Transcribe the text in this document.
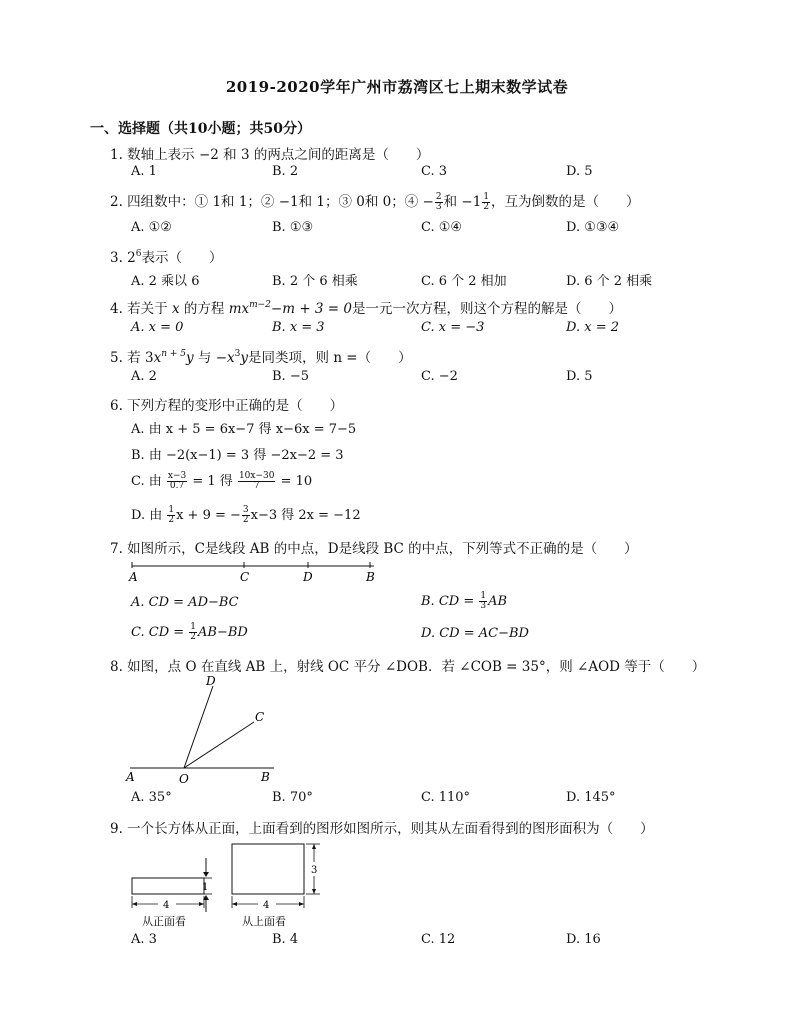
2019-2020学年广州市荔湾区七上期末数学试卷
一、选择题（共10小题；共50分）
1. 数轴上表示 −2 和 3 的两点之间的距离是（　　）
A. 1	B. 2	C. 3	D. 5
2. 四组数中：① 1和 1；② −1和 1；③ 0和 0；④ − $\frac{2}{3}$ 和 $-1 \frac{1}{2}$ ，互为倒数的是（　　）
A. ①②	B. ①③	C. ①④	D. ①③④
3. $2^6$表示（　　）
A. 2 乘以 6	B. 2 个 6 相乘	C. 6 个 2 相加	D. 6 个 2 相乘
4. 若关于 x 的方程 $mx^{m-2}-m + 3 = 0$是一元一次方程，则这个方程的解是（　　）
A. x = 0	B. x = 3	C. x = −3	D. x = 2
5. 若 $3x^{n + 5}y$ 与 $-x^3y$是同类项，则 n =（　　）
A. 2	B. −5	C. −2	D. 5
6. 下列方程的变形中正确的是（　　）
A. 由 x + 5 = 6x−7 得 x−6x = 7−5
B. 由 −2(x−1) = 3 得 −2x−2 = 3
C. 由 $\frac{x-3}{0.7} = 1$ 得 $\frac{10x-30}{7} = 10$
D. 由 $\frac{1}{2}$ x + 9 = − $\frac{3}{2} x-3$ 得 2x = −12
7. 如图所示，C是线段 AB 的中点，D是线段 BC 的中点，下列等式不正确的是（　　）
A	C	D	B
A. CD = AD−BC	B. CD = $\frac{1}{3}$ AB
C. CD = $\frac{1}{2} AB-BD$	D. CD = AC−BD
8. 如图，点 O 在直线 AB 上，射线 OC 平分 ∠DOB．若 ∠COB = 35°，则 ∠AOD 等于（　　）
D
C
A	O	B
A. 35°	B. 70°	C. 110°	D. 145°
9. 一个长方体从正面，上面看到的图形如图所示，则其从左面看得到的图形面积为（　　）
1
4
从正面看
3
4
从上面看
A. 3	B. 4	C. 12	D. 16
